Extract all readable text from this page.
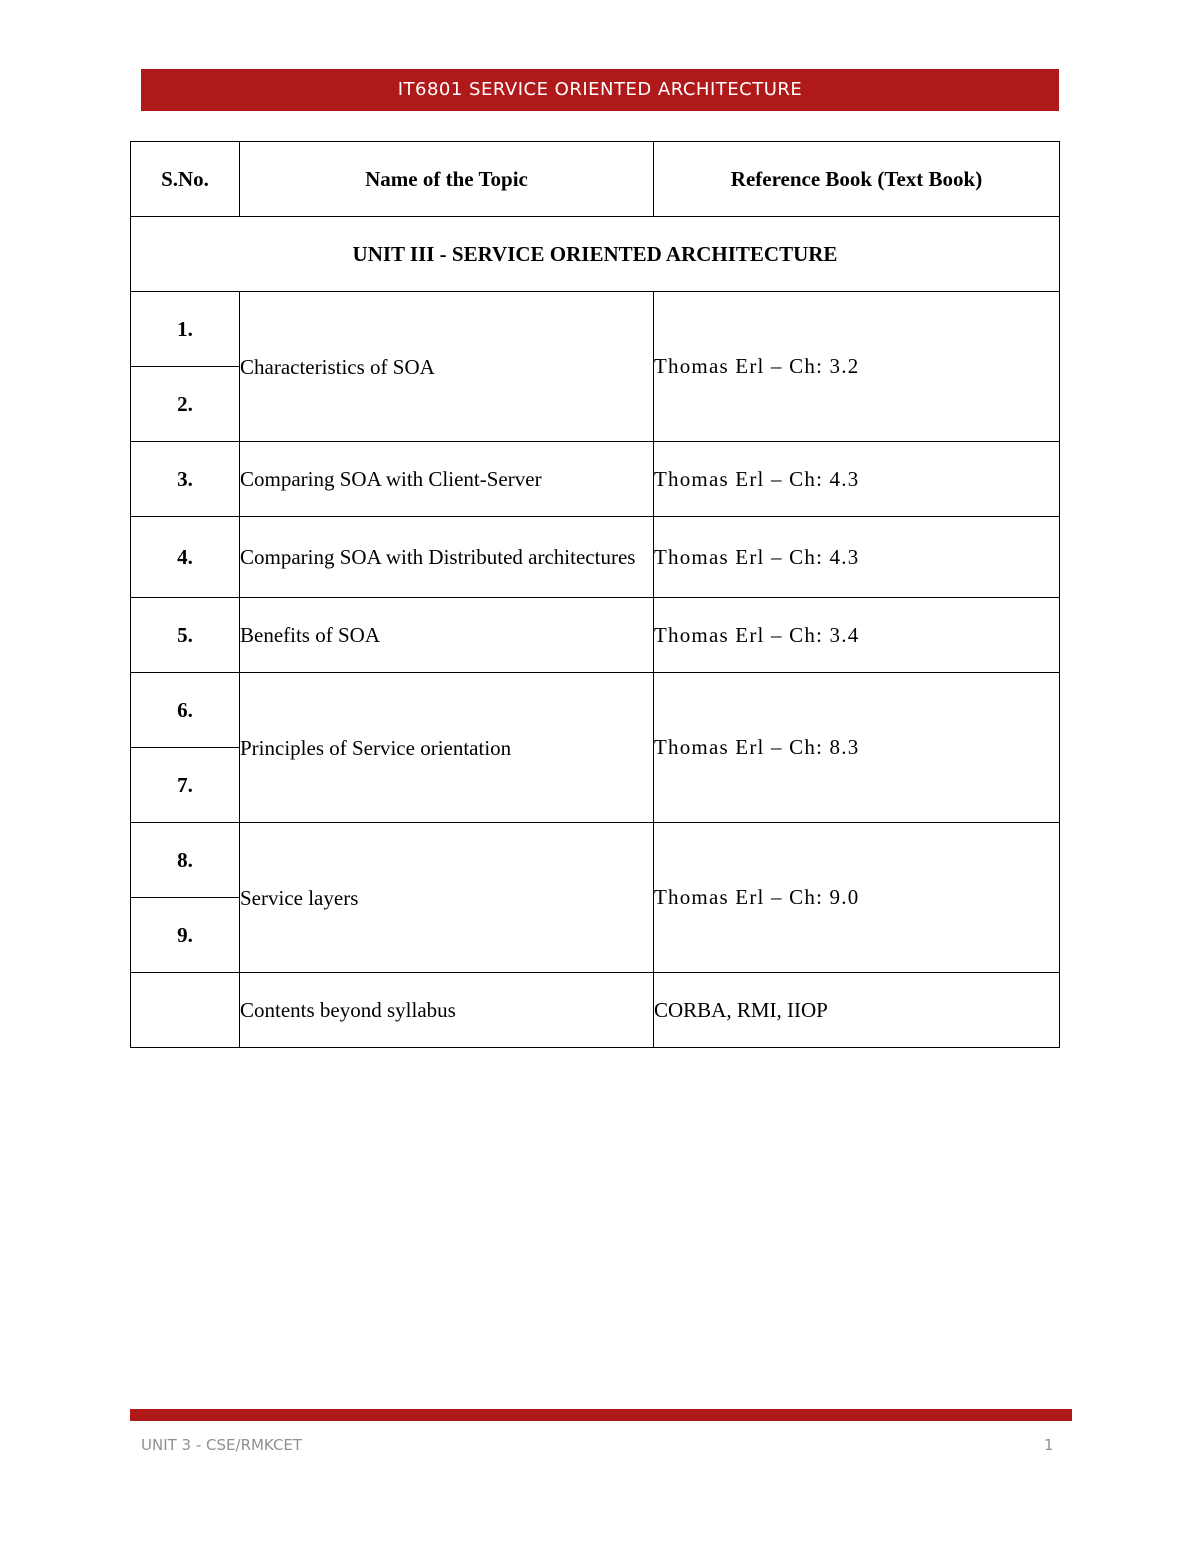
IT6801 SERVICE ORIENTED ARCHITECTURE
S.No.	Name of the Topic	Reference Book (Text Book)
UNIT III - SERVICE ORIENTED ARCHITECTURE		
1.	Characteristics of SOA	Thomas Erl – Ch: 3.2
2.		
3.	Comparing SOA with Client-Server	Thomas Erl – Ch: 4.3
4.	Comparing SOA with Distributed architectures	Thomas Erl – Ch: 4.3
5.	Benefits of SOA	Thomas Erl – Ch: 3.4
6.	Principles of Service orientation	Thomas Erl – Ch: 8.3
7.		
8.	Service layers	Thomas Erl – Ch: 9.0
9.		
	Contents beyond syllabus	CORBA, RMI, IIOP
UNIT 3 - CSE/RMKCET	1
